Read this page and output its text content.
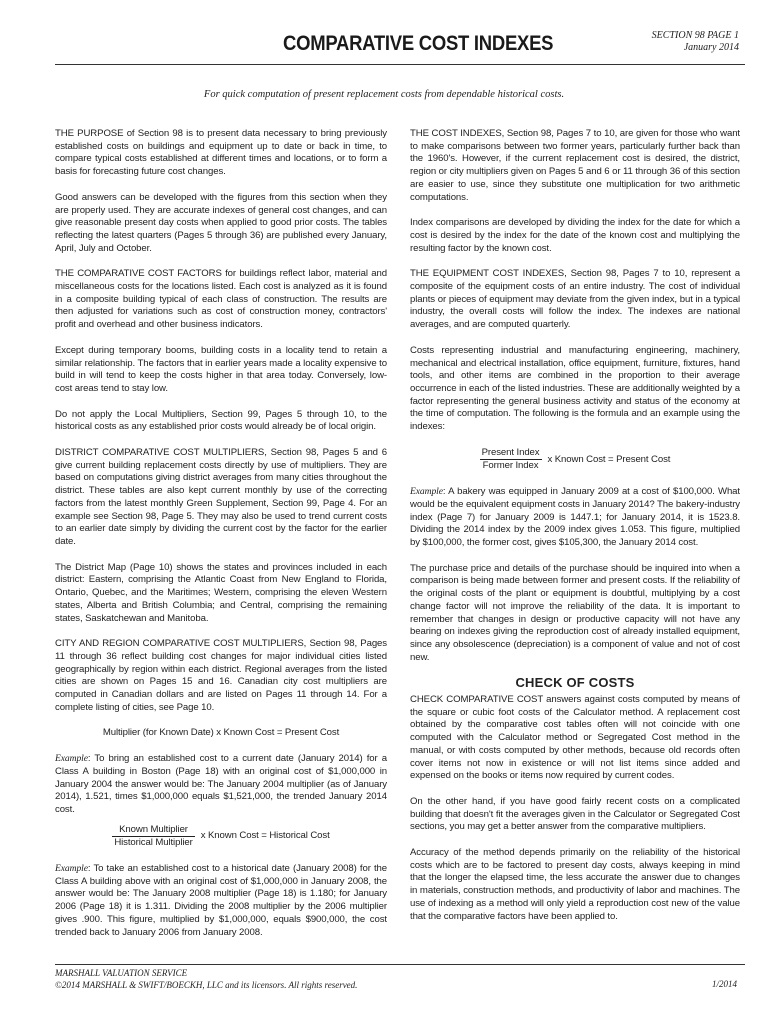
COMPARATIVE COST INDEXES	SECTION 98 PAGE 1
January 2014
For quick computation of present replacement costs from dependable historical costs.

THE PURPOSE of Section 98 is to present data necessary to bring previously established costs on buildings and equipment up to date or back in time, to compare typical costs established at different times and locations, or to form a basis for forecasting future cost changes.

Good answers can be developed with the figures from this section when they are properly used. They are accurate indexes of general cost changes, and can give reasonable present day costs when applied to good prior costs. The tables reflecting the latest quarters (Pages 5 through 36) are published every January, April, July and October.

THE COMPARATIVE COST FACTORS for buildings reflect labor, material and miscellaneous costs for the locations listed. Each cost is analyzed as it is found in a composite building typical of each class of construction. The results are then adjusted for variations such as cost of construction money, contractors' profit and overhead and other business indicators.

Except during temporary booms, building costs in a locality tend to retain a similar relationship. The factors that in earlier years made a locality expensive to build in will tend to keep the costs higher in that area today. Conversely, low-cost areas tend to stay low.

Do not apply the Local Multipliers, Section 99, Pages 5 through 10, to the historical costs as any established prior costs would already be of local origin.

DISTRICT COMPARATIVE COST MULTIPLIERS, Section 98, Pages 5 and 6 give current building replacement costs directly by use of multipliers. They are based on computations giving district averages from many cities throughout the district. These tables are also kept current monthly by use of the correcting factors from the latest monthly Green Supplement, Section 99, Page 4. For an example see Section 98, Page 5. They may also be used to trend current costs to an earlier date simply by dividing the current cost by the factor for the earlier date.

The District Map (Page 10) shows the states and provinces included in each district: Eastern, comprising the Atlantic Coast from New England to Florida, Ontario, Quebec, and the Maritimes; Western, comprising the eleven Western states, Alberta and British Columbia; and Central, comprising the remaining states, Saskatchewan and Manitoba.

CITY AND REGION COMPARATIVE COST MULTIPLIERS, Section 98, Pages 11 through 36 reflect building cost changes for major individual cities listed geographically by region within each district. Regional averages from the listed cities are shown on Pages 15 and 16. Canadian city cost multipliers are computed in Canadian dollars and are listed on Pages 11 through 14. For a complete listing of cities, see Page 10.

Multiplier (for Known Date) x Known Cost = Present Cost

Example: To bring an established cost to a current date (January 2014) for a Class A building in Boston (Page 18) with an original cost of $1,000,000 in January 2004 the answer would be: The January 2004 multiplier (as of January 2014), 1.521, times $1,000,000 equals $1,521,000, the trended January 2014 cost.

$\frac{\text{Known Multiplier}}{\text{Historical Multiplier}}$ x Known Cost = Historical Cost

Example: To take an established cost to a historical date (January 2008) for the Class A building above with an original cost of $1,000,000 in January 2008, the answer would be: The January 2008 multiplier (Page 18) is 1.180; for January 2006 (Page 18) it is 1.311. Dividing the 2008 multiplier by the 2006 multiplier gives .900. This figure, multiplied by $1,000,000, equals $900,000, the cost trended back to January 2006 from January 2008.

THE COST INDEXES, Section 98, Pages 7 to 10, are given for those who want to make comparisons between two former years, particularly further back than the 1960's. However, if the current replacement cost is desired, the district, region or city multipliers given on Pages 5 and 6 or 11 through 36 of this section are easier to use, since they substitute one multiplication for two arithmetic computations.

Index comparisons are developed by dividing the index for the date for which a cost is desired by the index for the date of the known cost and multiplying the resulting factor by the known cost.

THE EQUIPMENT COST INDEXES, Section 98, Pages 7 to 10, represent a composite of the equipment costs of an entire industry. The cost of individual plants or pieces of equipment may deviate from the given index, but in a typical industry, the overall costs will follow the index. The indexes are national averages, and are computed quarterly.

Costs representing industrial and manufacturing engineering, machinery, mechanical and electrical installation, office equipment, furniture, fixtures, hand tools, and other items are combined in the proportion to their average occurrence in each of the listed industries. These are additionally weighted by a factor representing the general business activity and status of the economy at the time of computation. The following is the formula and an example using the indexes:

$\frac{\text{Present Index}}{\text{Former Index}}$ x Known Cost = Present Cost

Example: A bakery was equipped in January 2009 at a cost of $100,000. What would be the equivalent equipment costs in January 2014? The bakery-industry index (Page 7) for January 2009 is 1447.1; for January 2014, it is 1523.8. Dividing the 2014 index by the 2009 index gives 1.053. This figure, multiplied by $100,000, the former cost, gives $105,300, the January 2014 cost.

The purchase price and details of the purchase should be inquired into when a comparison is being made between former and present costs. If the reliability of the original costs of the plant or equipment is doubtful, multiplying by a cost change factor will not improve the reliability of the data. It is important to remember that changes in design or productive capacity will not have any bearing on indexes giving the reproduction cost of already installed equipment, since any obsolescence (depreciation) is a component of value and not of cost new.

CHECK OF COSTS

CHECK COMPARATIVE COST answers against costs computed by means of the square or cubic foot costs of the Calculator method. A replacement cost obtained by the comparative cost tables often will not coincide with one computed with the Calculator method or Segregated Cost method in the manual, or with costs computed by other methods, because old records often cover items not now in existence or will not list items since added and expensed on the books or items now required by current codes.

On the other hand, if you have good fairly recent costs on a complicated building that doesn't fit the averages given in the Calculator or Segregated Cost sections, you may get a better answer from the comparative multipliers.

Accuracy of the method depends primarily on the reliability of the historical costs which are to be factored to present day costs, always keeping in mind that the longer the elapsed time, the less accurate the answer due to changes in materials, construction methods, and productivity of labor and machines. The use of indexing as a method will only yield a reproduction cost new of the value that the comparative factors have been applied to.

MARSHALL VALUATION SERVICE
©2014 MARSHALL & SWIFT/BOECKH, LLC and its licensors. All rights reserved.	1/2014
